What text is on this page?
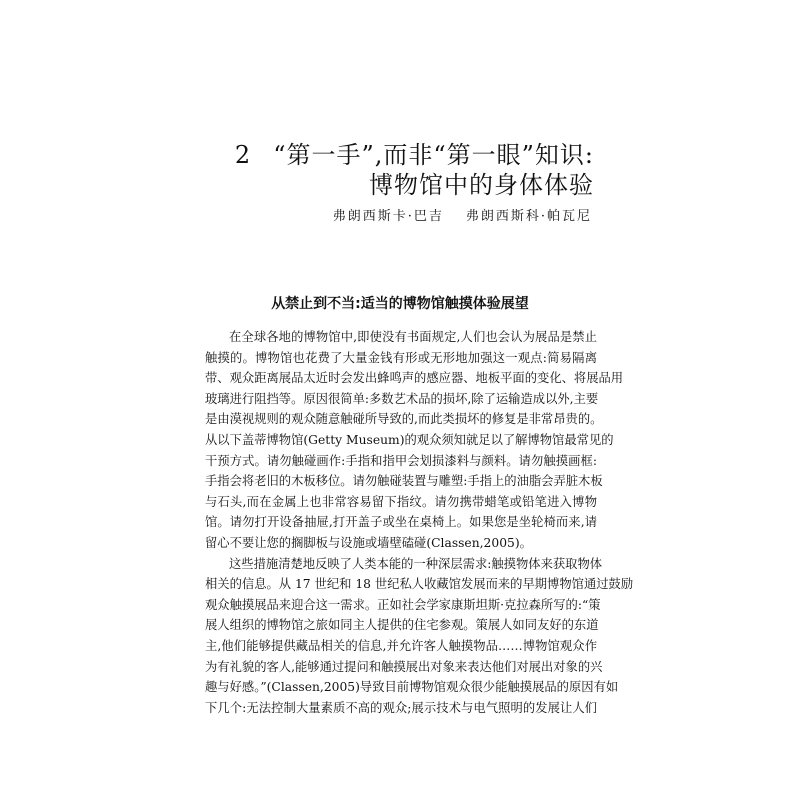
2 “第一手”,而非“第一眼”知识:
博物馆中的身体体验
弗朗西斯卡·巴吉 弗朗西斯科·帕瓦尼
从禁止到不当:适当的博物馆触摸体验展望

在全球各地的博物馆中,即使没有书面规定,人们也会认为展品是禁止
触摸的。博物馆也花费了大量金钱有形或无形地加强这一观点:简易隔离
带、观众距离展品太近时会发出蜂鸣声的感应器、地板平面的变化、将展品用
玻璃进行阻挡等。原因很简单:多数艺术品的损坏,除了运输造成以外,主要
是由漠视规则的观众随意触碰所导致的,而此类损坏的修复是非常昂贵的。
从以下盖蒂博物馆(Getty Museum)的观众须知就足以了解博物馆最常见的
干预方式。请勿触碰画作:手指和指甲会划损漆料与颜料。请勿触摸画框:
手指会将老旧的木板移位。请勿触碰装置与雕塑:手指上的油脂会弄脏木板
与石头,而在金属上也非常容易留下指纹。请勿携带蜡笔或铅笔进入博物
馆。请勿打开设备抽屉,打开盖子或坐在桌椅上。如果您是坐轮椅而来,请
留心不要让您的搁脚板与设施或墙壁磕碰(Classen,2005)。

这些措施清楚地反映了人类本能的一种深层需求:触摸物体来获取物体
相关的信息。从 17 世纪和 18 世纪私人收藏馆发展而来的早期博物馆通过鼓励
观众触摸展品来迎合这一需求。正如社会学家康斯坦斯·克拉森所写的:“策
展人组织的博物馆之旅如同主人提供的住宅参观。策展人如同友好的东道
主,他们能够提供藏品相关的信息,并允许客人触摸物品……博物馆观众作
为有礼貌的客人,能够通过提问和触摸展出对象来表达他们对展出对象的兴
趣与好感。”(Classen,2005)导致目前博物馆观众很少能触摸展品的原因有如
下几个:无法控制大量素质不高的观众;展示技术与电气照明的发展让人们
